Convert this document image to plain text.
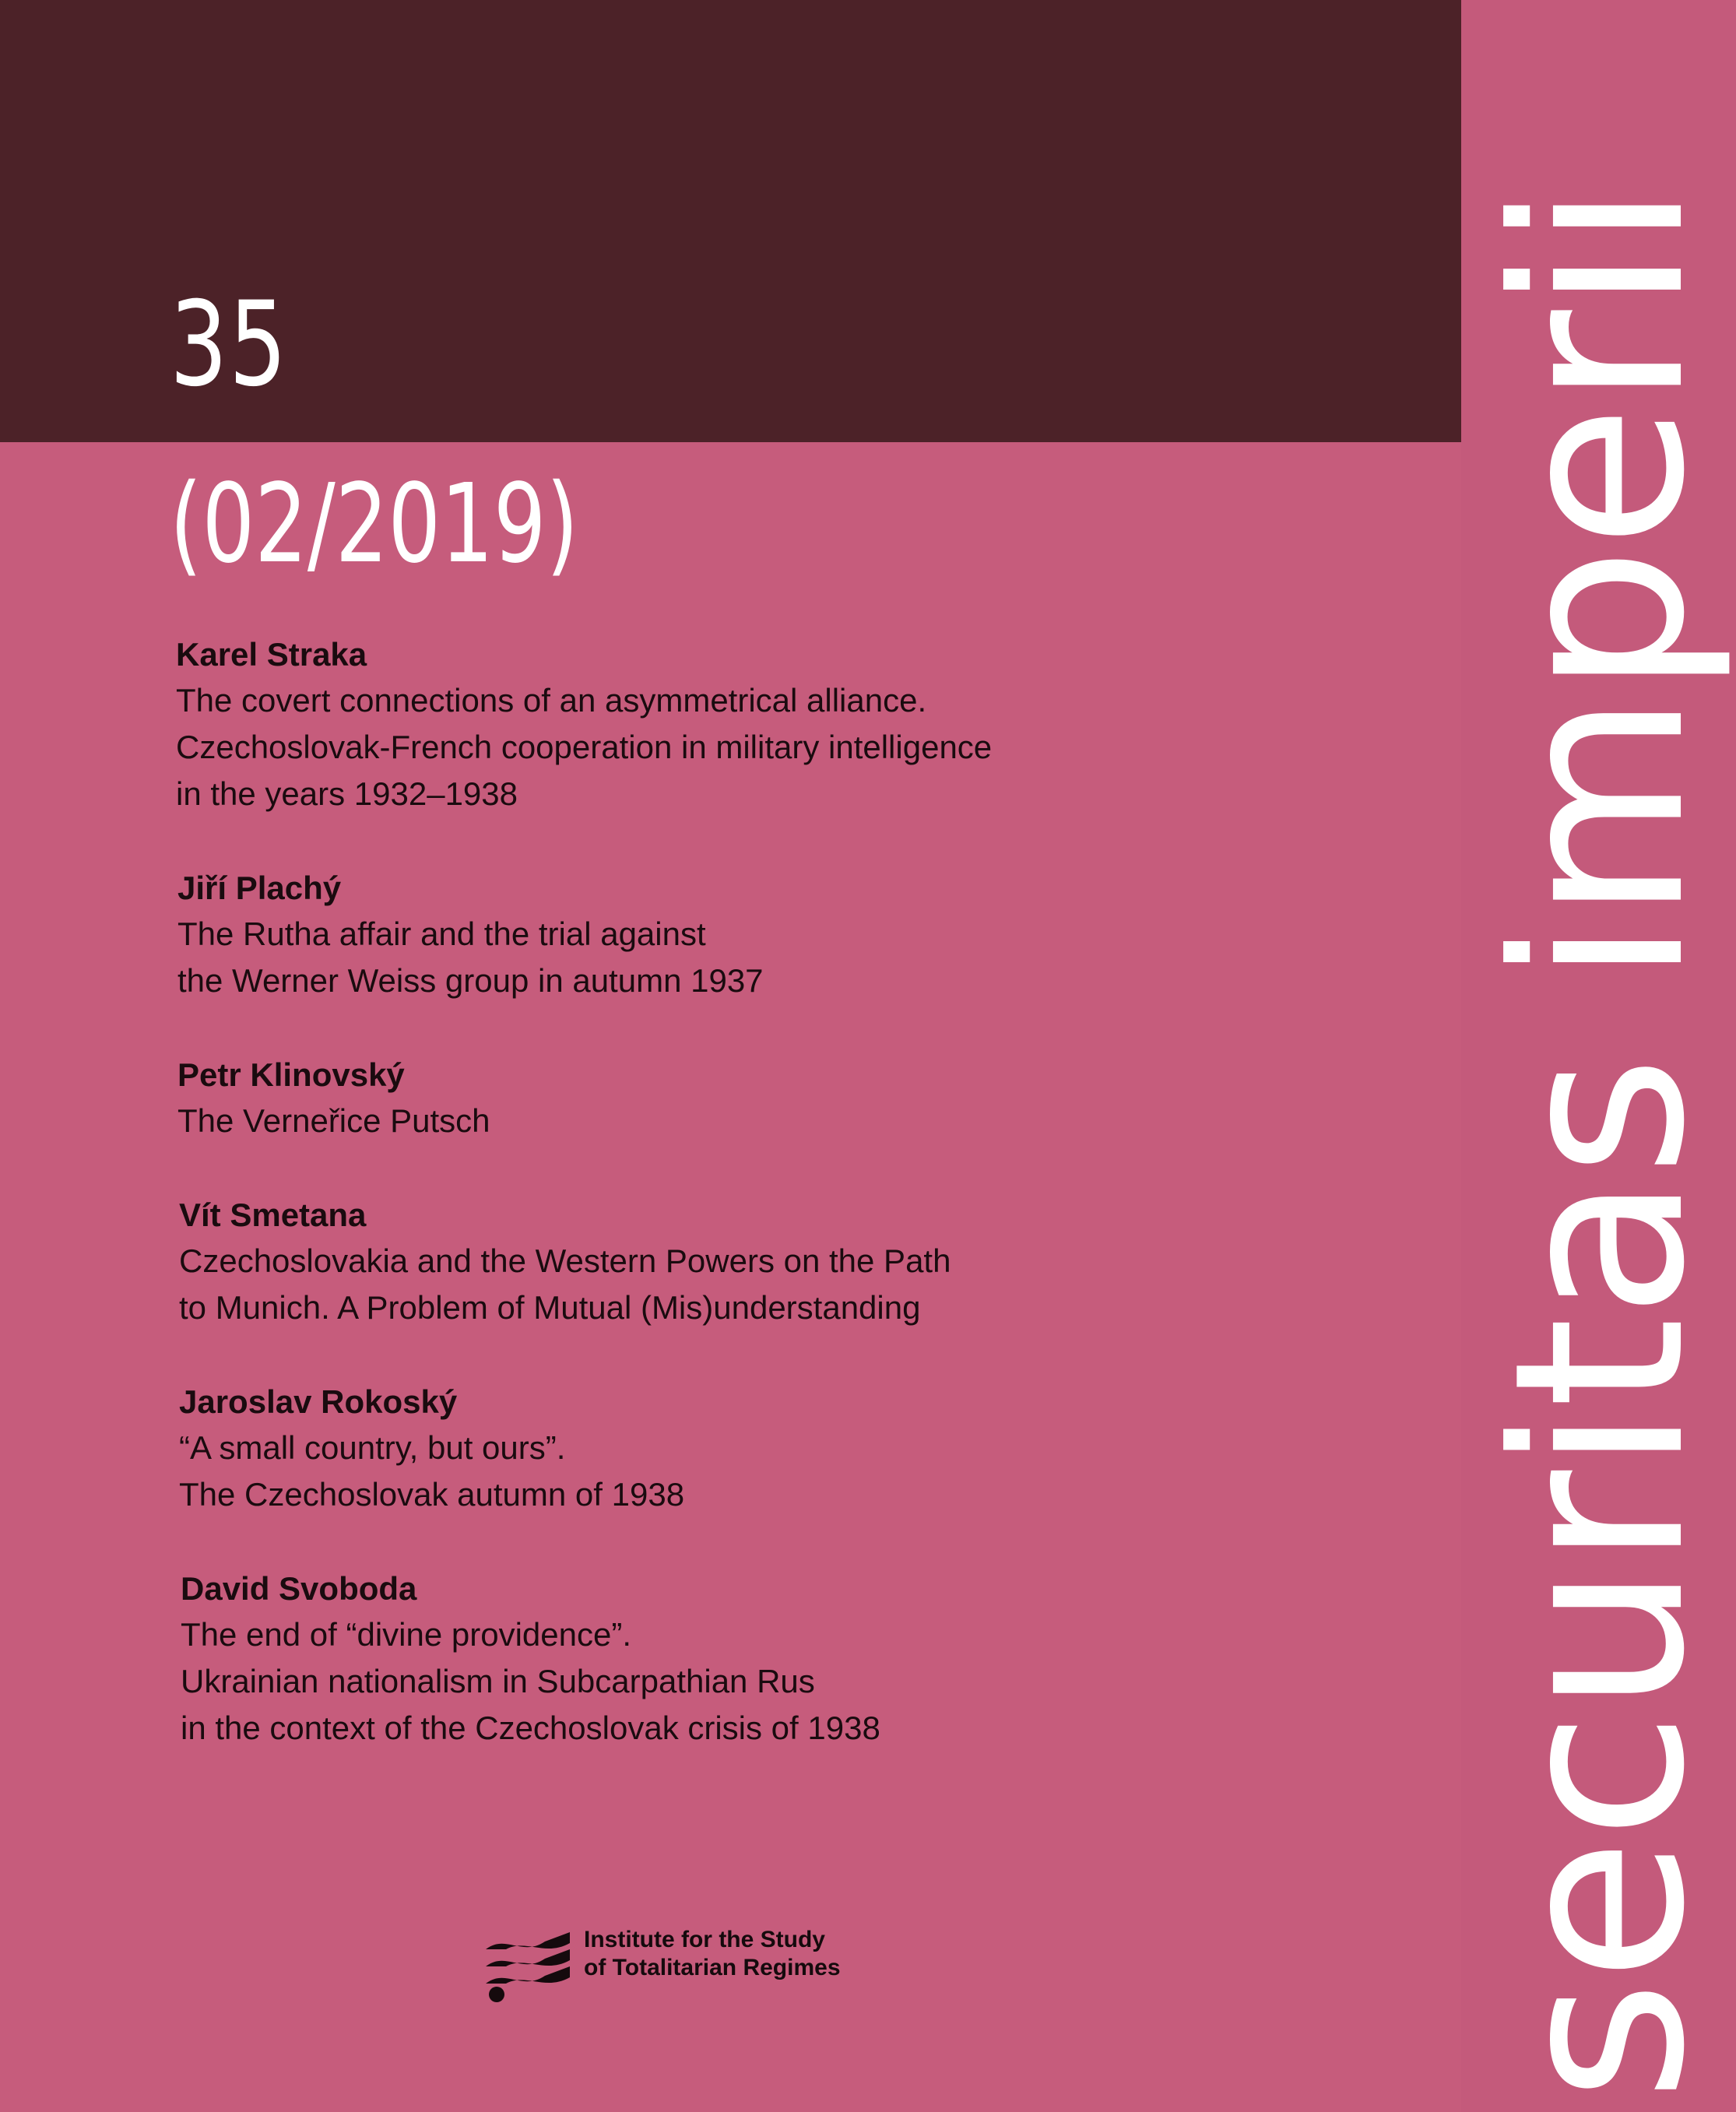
35
(02/2019)
Karel Straka
The covert connections of an asymmetrical alliance.
Czechoslovak-French cooperation in military intelligence
in the years 1932–1938
Jiří Plachý
The Rutha affair and the trial against
the Werner Weiss group in autumn 1937
Petr Klinovský
The Verneřice Putsch
Vít Smetana
Czechoslovakia and the Western Powers on the Path
to Munich. A Problem of Mutual (Mis)understanding
Jaroslav Rokoský
“A small country, but ours”.
The Czechoslovak autumn of 1938
David Svoboda
The end of “divine providence”.
Ukrainian nationalism in Subcarpathian Rus
in the context of the Czechoslovak crisis of 1938	securitas imperii
Institute for the Study
of Totalitarian Regimes
